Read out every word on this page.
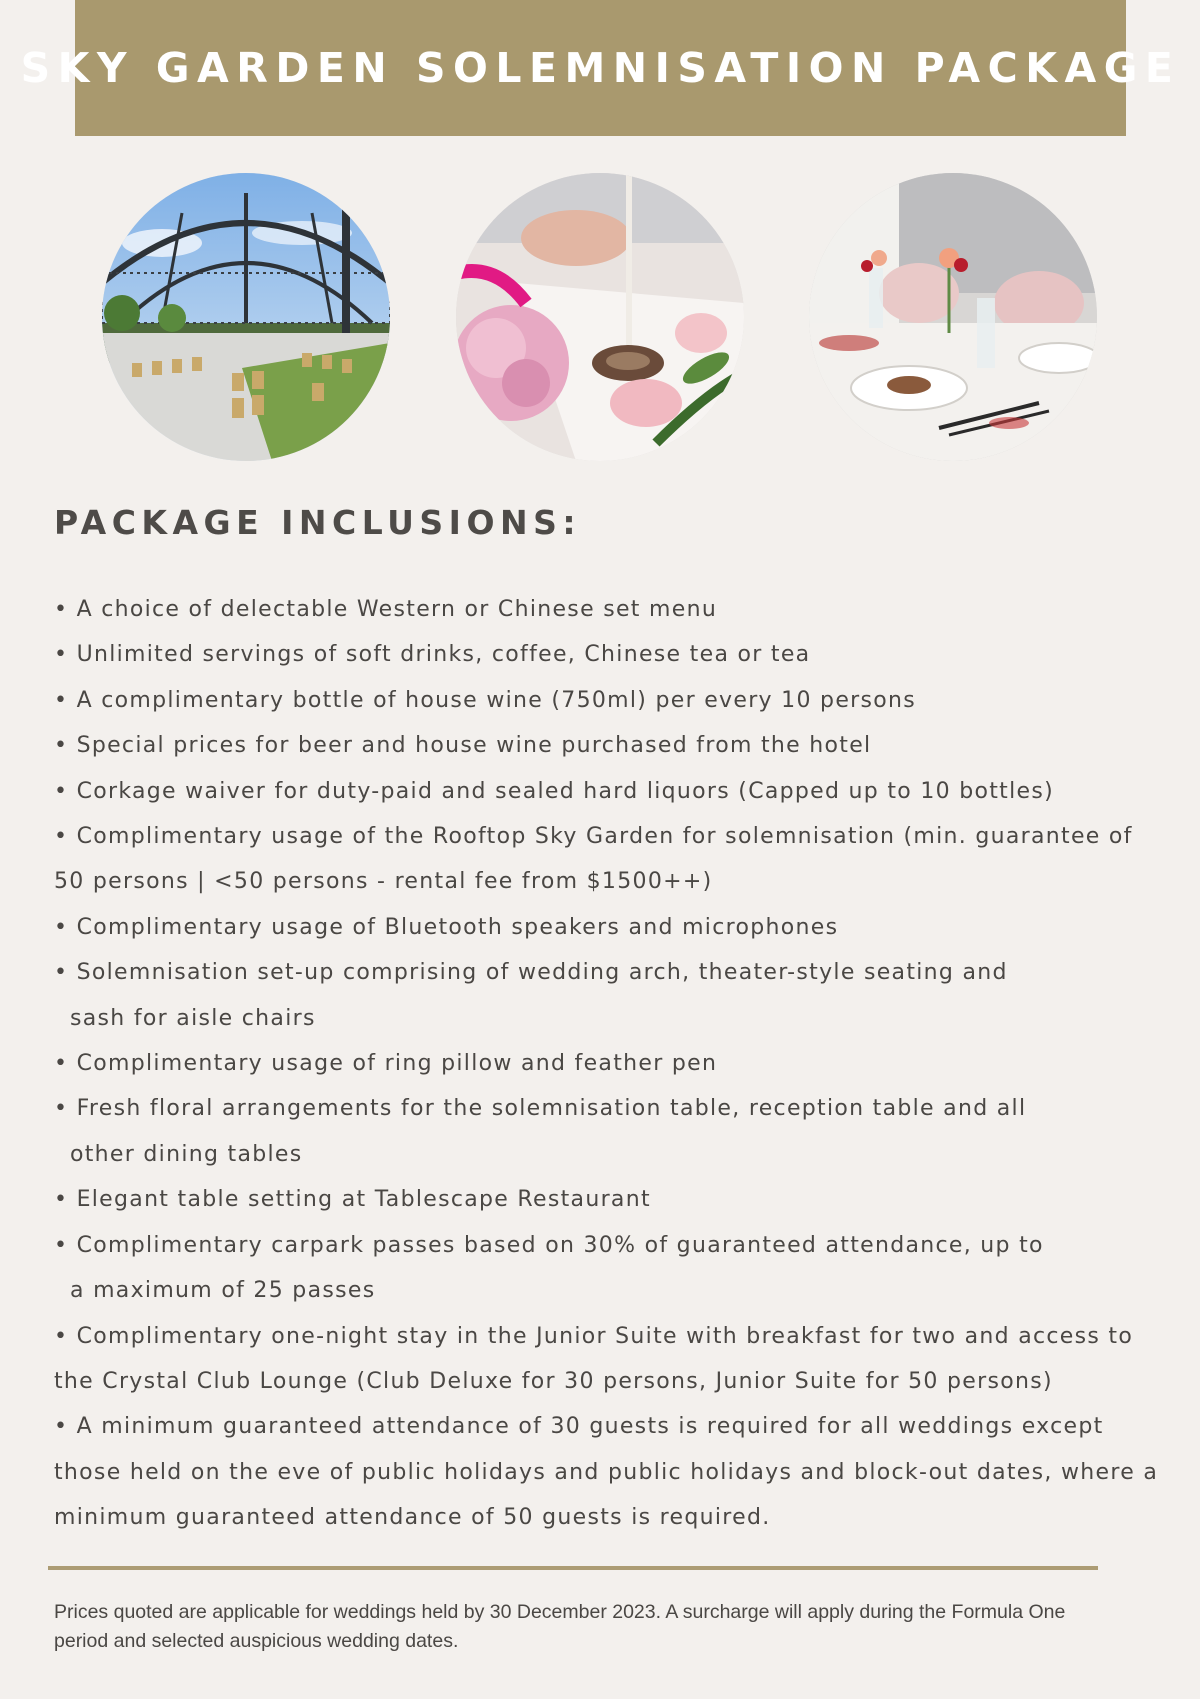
SKY GARDEN SOLEMNISATION PACKAGE
PACKAGE INCLUSIONS:
• A choice of delectable Western or Chinese set menu
• Unlimited servings of soft drinks, coffee, Chinese tea or tea
• A complimentary bottle of house wine (750ml) per every 10 persons
• Special prices for beer and house wine purchased from the hotel
• Corkage waiver for duty-paid and sealed hard liquors (Capped up to 10 bottles)
• Complimentary usage of the Rooftop Sky Garden for solemnisation (min. guarantee of 50 persons | <50 persons - rental fee from $1500++)
• Complimentary usage of Bluetooth speakers and microphones
• Solemnisation set-up comprising of wedding arch, theater-style seating and sash for aisle chairs
• Complimentary usage of ring pillow and feather pen
• Fresh floral arrangements for the solemnisation table, reception table and all other dining tables
• Elegant table setting at Tablescape Restaurant
• Complimentary carpark passes based on 30% of guaranteed attendance, up to a maximum of 25 passes
• Complimentary one-night stay in the Junior Suite with breakfast for two and access to the Crystal Club Lounge (Club Deluxe for 30 persons, Junior Suite for 50 persons)
• A minimum guaranteed attendance of 30 guests is required for all weddings except those held on the eve of public holidays and public holidays and block-out dates, where a minimum guaranteed attendance of 50 guests is required.

Prices quoted are applicable for weddings held by 30 December 2023. A surcharge will apply during the Formula One period and selected auspicious wedding dates.
